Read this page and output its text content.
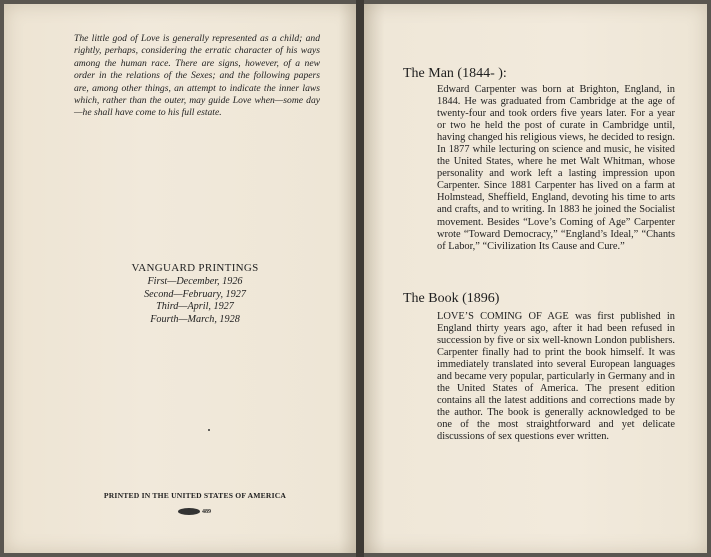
The little god of Love is generally represented as a child; and rightly, perhaps, considering the erratic character of his ways among the human race. There are signs, however, of a new order in the relations of the Sexes; and the following papers are, among other things, an attempt to indicate the inner laws which, rather than the outer, may guide Love when—some day—he shall have come to his full estate.

VANGUARD PRINTINGS

First—December, 1926

Second—February, 1927

Third—April, 1927

Fourth—March, 1928

PRINTED IN THE UNITED STATES OF AMERICA

489
The Man (1844- ):

Edward Carpenter was born at Brighton, England, in 1844. He was graduated from Cambridge at the age of twenty-four and took orders five years later. For a year or two he held the post of curate in Cambridge until, having changed his religious views, he decided to resign. In 1877 while lecturing on science and music, he visited the United States, where he met Walt Whitman, whose personality and work left a lasting impression upon Carpenter. Since 1881 Carpenter has lived on a farm at Holmstead, Sheffield, England, devoting his time to arts and crafts, and to writing. In 1883 he joined the Socialist movement. Besides “Love’s Coming of Age” Carpenter wrote “Toward Democracy,” “England’s Ideal,” “Chants of Labor,” “Civilization Its Cause and Cure.”

The Book (1896)

LOVE’S COMING OF AGE was first published in England thirty years ago, after it had been refused in succession by five or six well-known London publishers. Carpenter finally had to print the book himself. It was immediately translated into several European languages and became very popular, particularly in Germany and in the United States of America. The present edition contains all the latest additions and corrections made by the author. The book is generally acknowledged to be one of the most straightforward and yet delicate discussions of sex questions ever written.
